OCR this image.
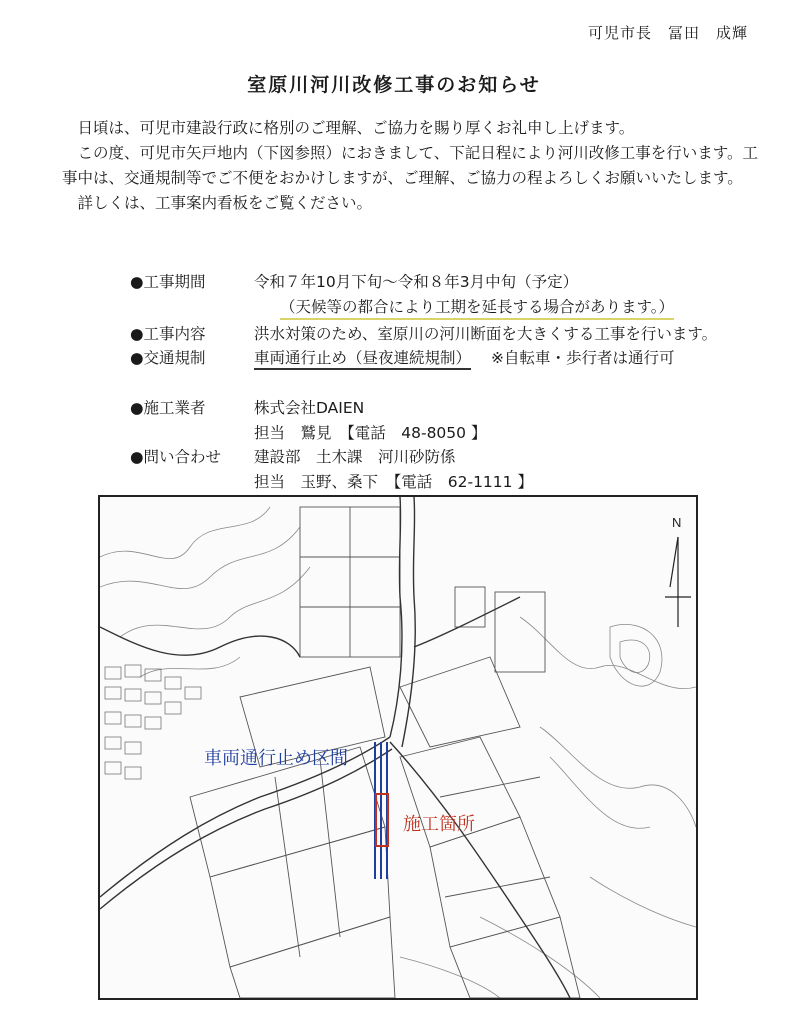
可児市長　冨田　成輝
室原川河川改修工事のお知らせ

日頃は、可児市建設行政に格別のご理解、ご協力を賜り厚くお礼申し上げます。

この度、可児市矢戸地内（下図参照）におきまして、下記日程により河川改修工事を行います。工事中は、交通規制等でご不便をおかけしますが、ご理解、ご協力の程よろしくお願いいたします。

詳しくは、工事案内看板をご覧ください。

●工事期間	令和７年10月下旬～令和８年3月中旬（予定）
（天候等の都合により工期を延長する場合があります。）
●工事内容	洪水対策のため、室原川の河川断面を大きくする工事を行います。
●交通規制	車両通行止め（昼夜連続規制） ※自転車・歩行者は通行可
●施工業者	株式会社DAIEN
担当　鷲見　【電話　48-8050 】
●問い合わせ 建設部　土木課　河川砂防係
担当　玉野、桑下　【電話　62-1111 】
N
車両通行止め区間
施工箇所
